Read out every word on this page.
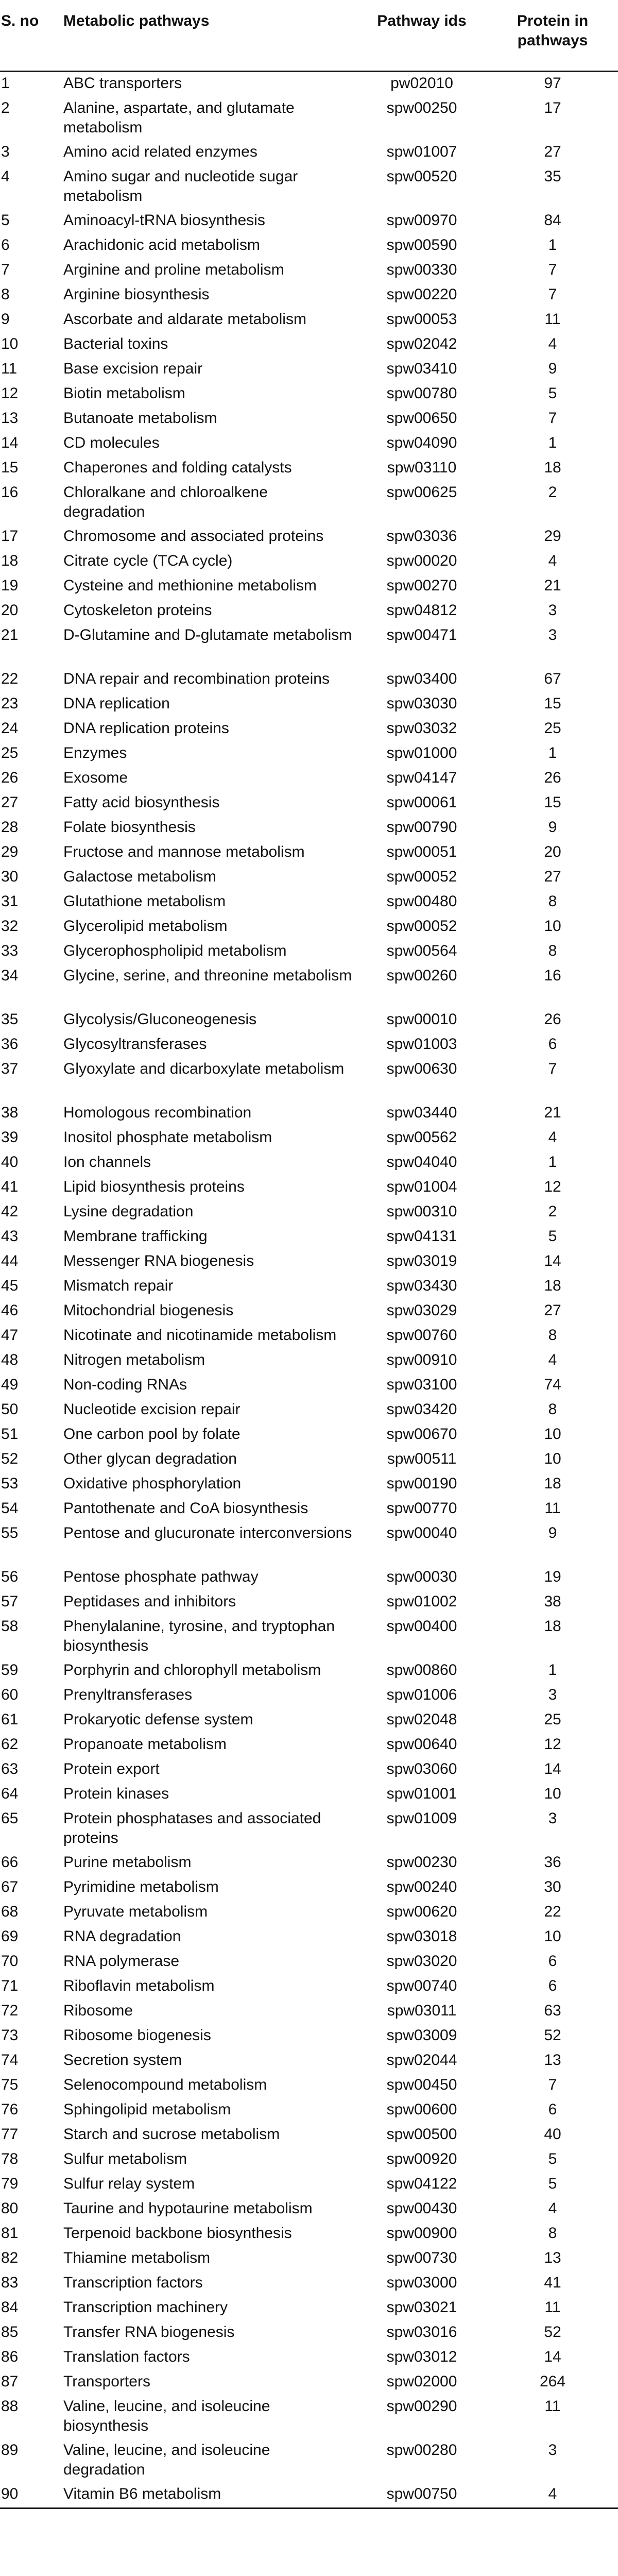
S. no	Metabolic pathways	Pathway ids	Protein in pathways
1	ABC transporters	pw02010	97
2	Alanine, aspartate, and glutamate metabolism	spw00250	17
3	Amino acid related enzymes	spw01007	27
4	Amino sugar and nucleotide sugar metabolism	spw00520	35
5	Aminoacyl-tRNA biosynthesis	spw00970	84
6	Arachidonic acid metabolism	spw00590	1
7	Arginine and proline metabolism	spw00330	7
8	Arginine biosynthesis	spw00220	7
9	Ascorbate and aldarate metabolism	spw00053	11
10	Bacterial toxins	spw02042	4
11	Base excision repair	spw03410	9
12	Biotin metabolism	spw00780	5
13	Butanoate metabolism	spw00650	7
14	CD molecules	spw04090	1
15	Chaperones and folding catalysts	spw03110	18
16	Chloralkane and chloroalkene degradation	spw00625	2
17	Chromosome and associated proteins	spw03036	29
18	Citrate cycle (TCA cycle)	spw00020	4
19	Cysteine and methionine metabolism	spw00270	21
20	Cytoskeleton proteins	spw04812	3
21	D-Glutamine and D-glutamate metabolism	spw00471	3
22	DNA repair and recombination proteins	spw03400	67
23	DNA replication	spw03030	15
24	DNA replication proteins	spw03032	25
25	Enzymes	spw01000	1
26	Exosome	spw04147	26
27	Fatty acid biosynthesis	spw00061	15
28	Folate biosynthesis	spw00790	9
29	Fructose and mannose metabolism	spw00051	20
30	Galactose metabolism	spw00052	27
31	Glutathione metabolism	spw00480	8
32	Glycerolipid metabolism	spw00052	10
33	Glycerophospholipid metabolism	spw00564	8
34	Glycine, serine, and threonine metabolism	spw00260	16
35	Glycolysis/Gluconeogenesis	spw00010	26
36	Glycosyltransferases	spw01003	6
37	Glyoxylate and dicarboxylate metabolism	spw00630	7
38	Homologous recombination	spw03440	21
39	Inositol phosphate metabolism	spw00562	4
40	Ion channels	spw04040	1
41	Lipid biosynthesis proteins	spw01004	12
42	Lysine degradation	spw00310	2
43	Membrane trafficking	spw04131	5
44	Messenger RNA biogenesis	spw03019	14
45	Mismatch repair	spw03430	18
46	Mitochondrial biogenesis	spw03029	27
47	Nicotinate and nicotinamide metabolism	spw00760	8
48	Nitrogen metabolism	spw00910	4
49	Non-coding RNAs	spw03100	74
50	Nucleotide excision repair	spw03420	8
51	One carbon pool by folate	spw00670	10
52	Other glycan degradation	spw00511	10
53	Oxidative phosphorylation	spw00190	18
54	Pantothenate and CoA biosynthesis	spw00770	11
55	Pentose and glucuronate interconversions	spw00040	9
56	Pentose phosphate pathway	spw00030	19
57	Peptidases and inhibitors	spw01002	38
58	Phenylalanine, tyrosine, and tryptophan biosynthesis	spw00400	18
59	Porphyrin and chlorophyll metabolism	spw00860	1
60	Prenyltransferases	spw01006	3
61	Prokaryotic defense system	spw02048	25
62	Propanoate metabolism	spw00640	12
63	Protein export	spw03060	14
64	Protein kinases	spw01001	10
65	Protein phosphatases and associated proteins	spw01009	3
66	Purine metabolism	spw00230	36
67	Pyrimidine metabolism	spw00240	30
68	Pyruvate metabolism	spw00620	22
69	RNA degradation	spw03018	10
70	RNA polymerase	spw03020	6
71	Riboflavin metabolism	spw00740	6
72	Ribosome	spw03011	63
73	Ribosome biogenesis	spw03009	52
74	Secretion system	spw02044	13
75	Selenocompound metabolism	spw00450	7
76	Sphingolipid metabolism	spw00600	6
77	Starch and sucrose metabolism	spw00500	40
78	Sulfur metabolism	spw00920	5
79	Sulfur relay system	spw04122	5
80	Taurine and hypotaurine metabolism	spw00430	4
81	Terpenoid backbone biosynthesis	spw00900	8
82	Thiamine metabolism	spw00730	13
83	Transcription factors	spw03000	41
84	Transcription machinery	spw03021	11
85	Transfer RNA biogenesis	spw03016	52
86	Translation factors	spw03012	14
87	Transporters	spw02000	264
88	Valine, leucine, and isoleucine biosynthesis	spw00290	11
89	Valine, leucine, and isoleucine degradation	spw00280	3
90	Vitamin B6 metabolism	spw00750	4
